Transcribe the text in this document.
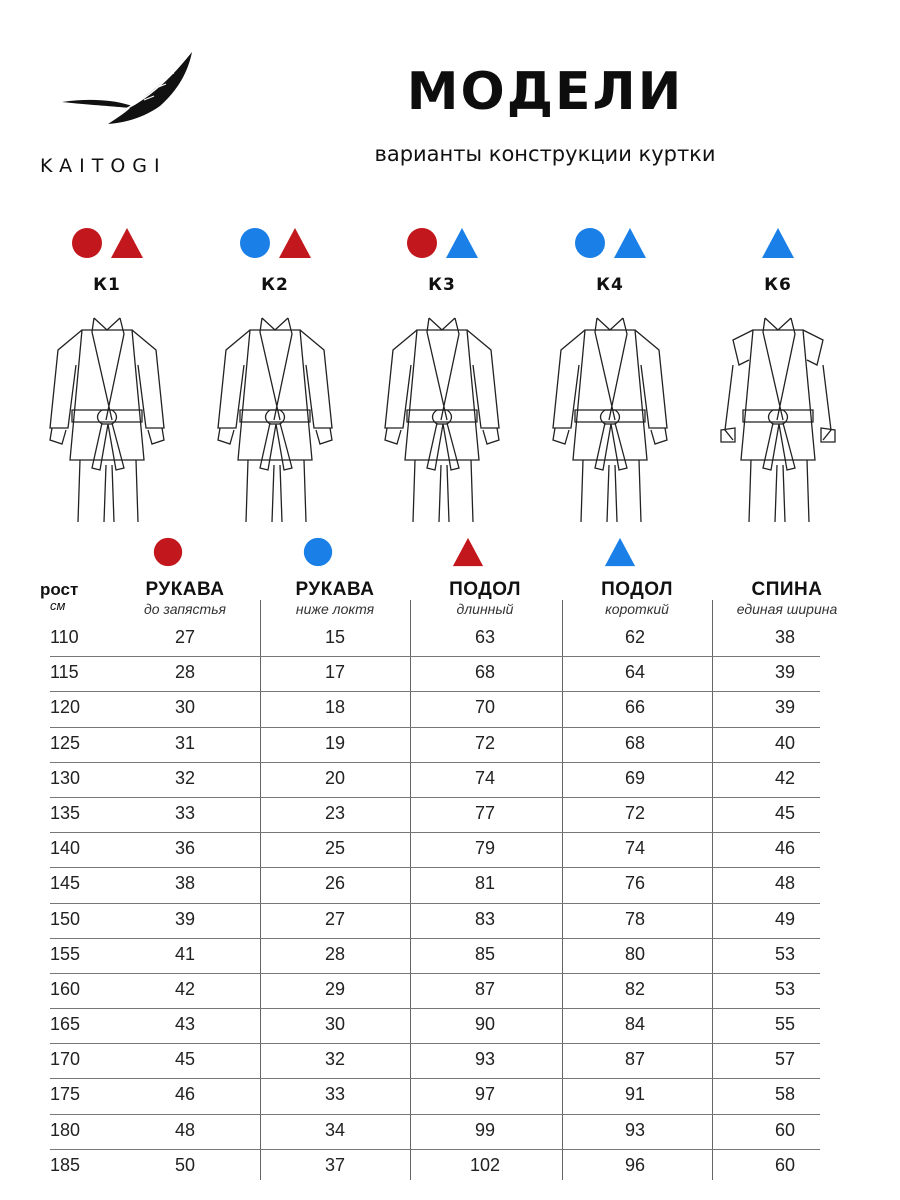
KAITOGI
МОДЕЛИ

варианты конструкции куртки

К1	К2	К3	К4	К6
рост
см
РУКАВА
до запястья
РУКАВА
ниже локтя
ПОДОЛ
длинный
ПОДОЛ
короткий
СПИНА
единая ширина
110	27	15	63	62	38
115	28	17	68	64	39
120	30	18	70	66	39
125	31	19	72	68	40
130	32	20	74	69	42
135	33	23	77	72	45
140	36	25	79	74	46
145	38	26	81	76	48
150	39	27	83	78	49
155	41	28	85	80	53
160	42	29	87	82	53
165	43	30	90	84	55
170	45	32	93	87	57
175	46	33	97	91	58
180	48	34	99	93	60
185	50	37	102	96	60
